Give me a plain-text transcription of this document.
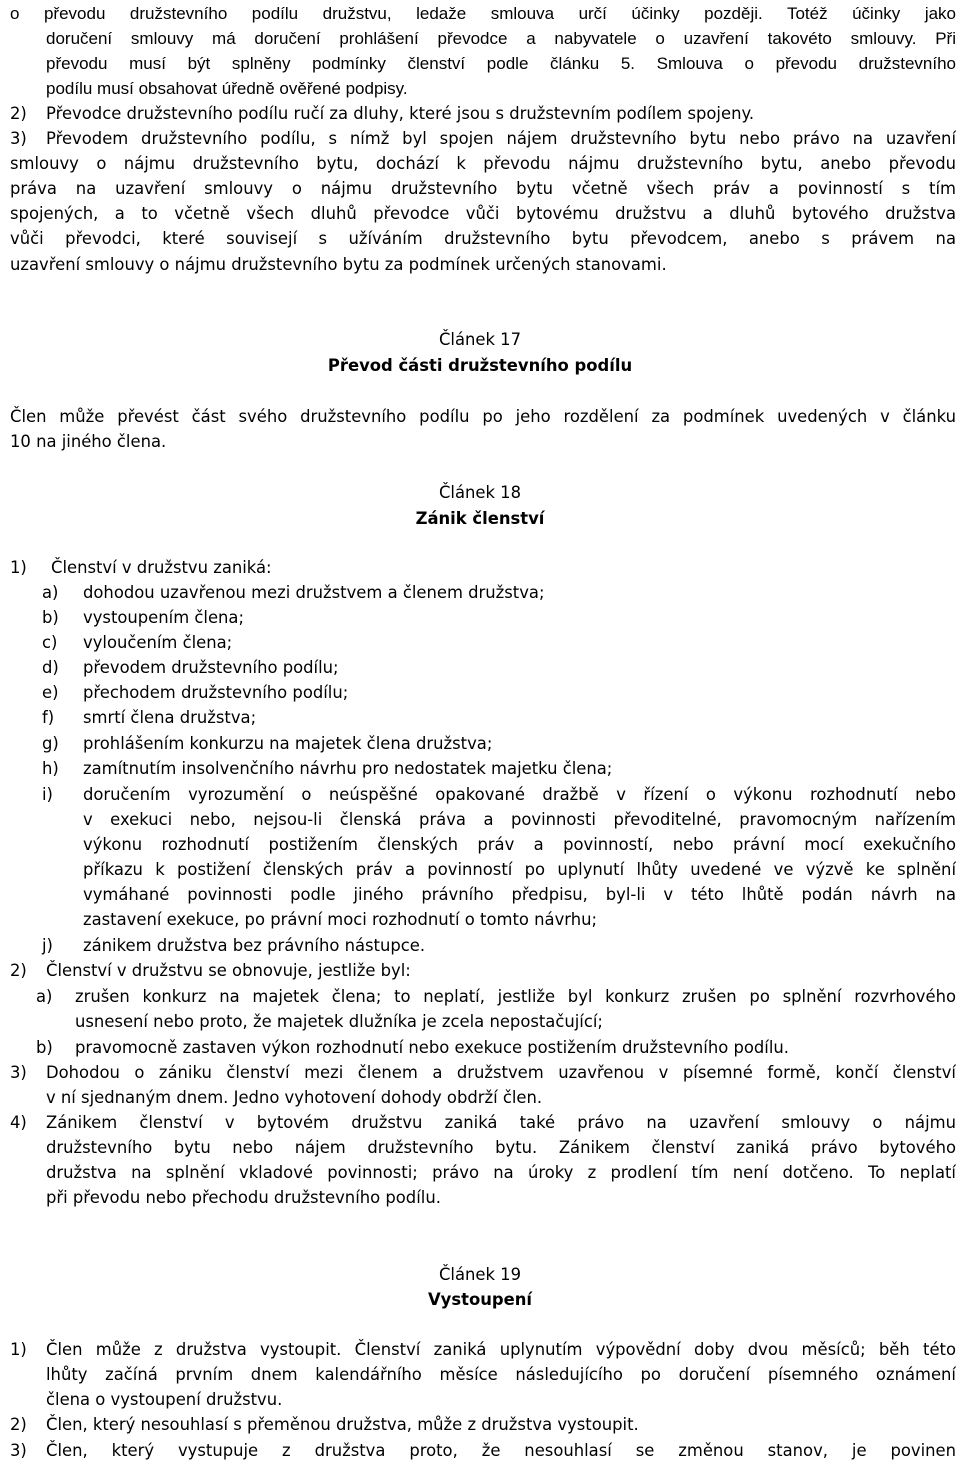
o převodu družstevního podílu družstvu, ledaže smlouva určí účinky později. Totéž účinky jako
doručení smlouvy má doručení prohlášení převodce a nabyvatele o uzavření takovéto smlouvy. Při
převodu musí být splněny podmínky členství podle článku 5. Smlouva o převodu družstevního
podílu musí obsahovat úředně ověřené podpisy.
2) Převodce družstevního podílu ručí za dluhy, které jsou s družstevním podílem spojeny.
3) Převodem družstevního podílu, s nímž byl spojen nájem družstevního bytu nebo právo na uzavření
smlouvy o nájmu družstevního bytu, dochází k převodu nájmu družstevního bytu, anebo převodu
práva na uzavření smlouvy o nájmu družstevního bytu včetně všech práv a povinností s tím
spojených, a to včetně všech dluhů převodce vůči bytovému družstvu a dluhů bytového družstva
vůči převodci, které souvisejí s užíváním družstevního bytu převodcem, anebo s právem na
uzavření smlouvy o nájmu družstevního bytu za podmínek určených stanovami.
Článek 17
Převod části družstevního podílu
Člen může převést část svého družstevního podílu po jeho rozdělení za podmínek uvedených v článku
10 na jiného člena.
Článek 18
Zánik členství
1) Členství v družstvu zaniká:
a) dohodou uzavřenou mezi družstvem a členem družstva;
b) vystoupením člena;
c) vyloučením člena;
d) převodem družstevního podílu;
e) přechodem družstevního podílu;
f) smrtí člena družstva;
g) prohlášením konkurzu na majetek člena družstva;
h) zamítnutím insolvenčního návrhu pro nedostatek majetku člena;
i) doručením vyrozumění o neúspěšné opakované dražbě v řízení o výkonu rozhodnutí nebo
v exekuci nebo, nejsou-li členská práva a povinnosti převoditelné, pravomocným nařízením
výkonu rozhodnutí postižením členských práv a povinností, nebo právní mocí exekučního
příkazu k postižení členských práv a povinností po uplynutí lhůty uvedené ve výzvě ke splnění
vymáhané povinnosti podle jiného právního předpisu, byl-li v této lhůtě podán návrh na
zastavení exekuce, po právní moci rozhodnutí o tomto návrhu;
j) zánikem družstva bez právního nástupce.
2) Členství v družstvu se obnovuje, jestliže byl:
a) zrušen konkurz na majetek člena; to neplatí, jestliže byl konkurz zrušen po splnění rozvrhového
usnesení nebo proto, že majetek dlužníka je zcela nepostačující;
b) pravomocně zastaven výkon rozhodnutí nebo exekuce postižením družstevního podílu.
3) Dohodou o zániku členství mezi členem a družstvem uzavřenou v písemné formě, končí členství
v ní sjednaným dnem. Jedno vyhotovení dohody obdrží člen.
4) Zánikem členství v bytovém družstvu zaniká také právo na uzavření smlouvy o nájmu
družstevního bytu nebo nájem družstevního bytu. Zánikem členství zaniká právo bytového
družstva na splnění vkladové povinnosti; právo na úroky z prodlení tím není dotčeno. To neplatí
při převodu nebo přechodu družstevního podílu.
Článek 19
Vystoupení
1) Člen může z družstva vystoupit. Členství zaniká uplynutím výpovědní doby dvou měsíců; běh této
lhůty začíná prvním dnem kalendářního měsíce následujícího po doručení písemného oznámení
člena o vystoupení družstvu.
2) Člen, který nesouhlasí s přeměnou družstva, může z družstva vystoupit.
3) Člen, který vystupuje z družstva proto, že nesouhlasí se změnou stanov, je povinen
